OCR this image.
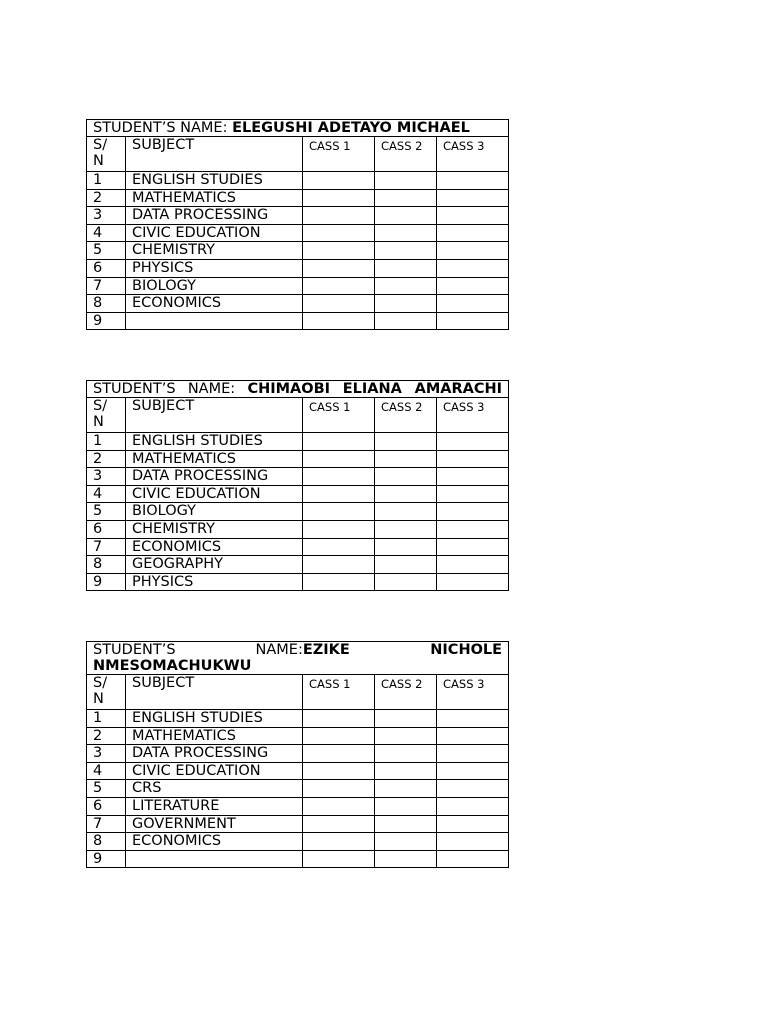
STUDENT’S NAME: ELEGUSHI ADETAYO MICHAEL				

S/ N	SUBJECT	CASS 1	CASS 2	CASS 3
1	ENGLISH STUDIES			
2	MATHEMATICS			
3	DATA PROCESSING			
4	CIVIC EDUCATION			
5	CHEMISTRY			
6	PHYSICS			
7	BIOLOGY			
8	ECONOMICS			
9				
STUDENT’S NAME: CHIMAOBI ELIANA AMARACHI				

S/ N	SUBJECT	CASS 1	CASS 2	CASS 3
1	ENGLISH STUDIES			
2	MATHEMATICS			
3	DATA PROCESSING			
4	CIVIC EDUCATION			
5	BIOLOGY			
6	CHEMISTRY			
7	ECONOMICS			
8	GEOGRAPHY			
9	PHYSICS			
STUDENT’S NAME:EZIKE NICHOLE NMESOMACHUKWU				

S/ N	SUBJECT	CASS 1	CASS 2	CASS 3
1	ENGLISH STUDIES			
2	MATHEMATICS			
3	DATA PROCESSING			
4	CIVIC EDUCATION			
5	CRS			
6	LITERATURE			
7	GOVERNMENT			
8	ECONOMICS			
9				
